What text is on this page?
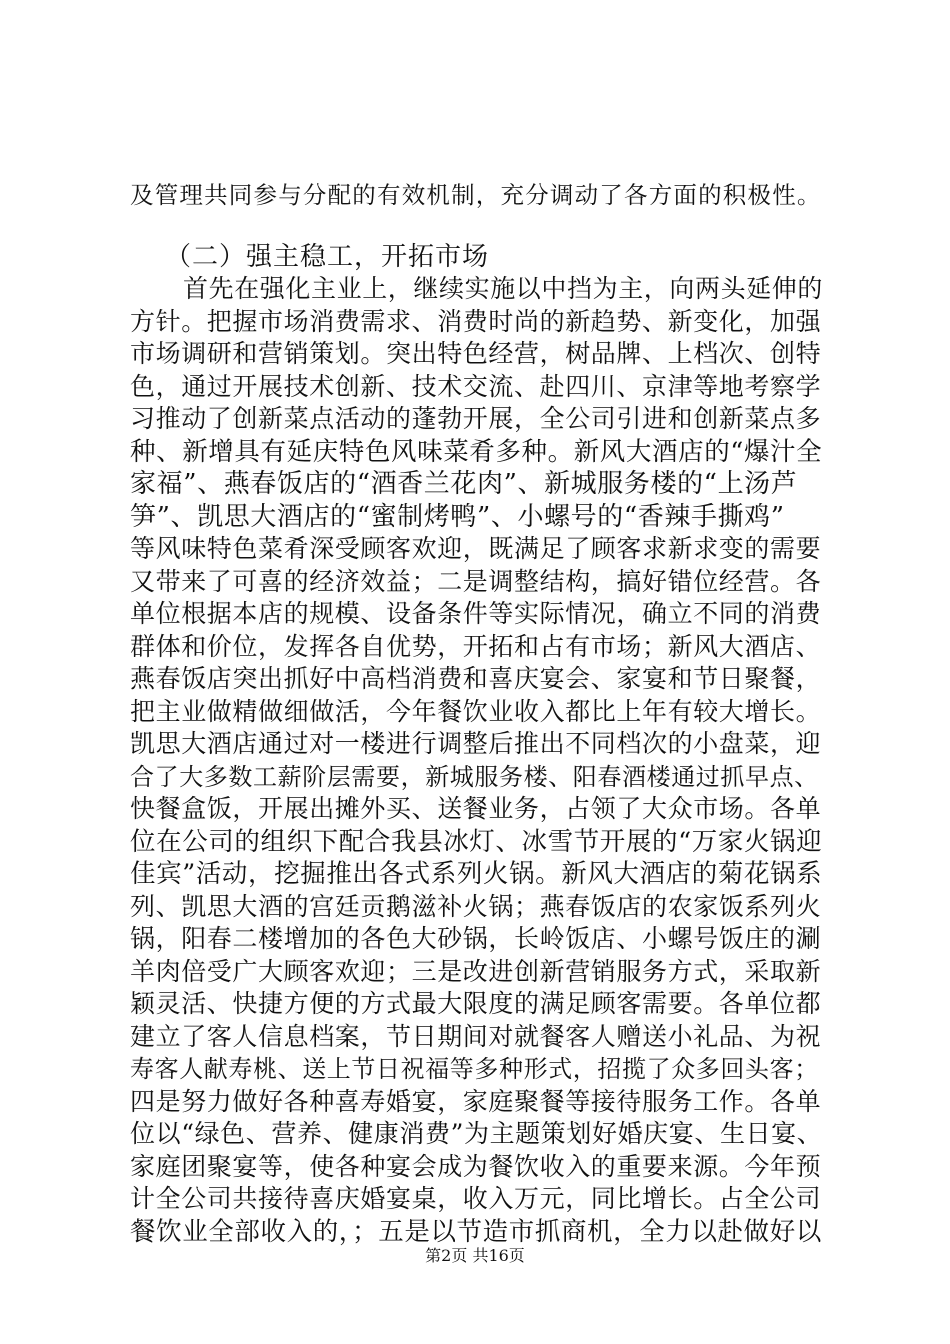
及管理共同参与分配的有效机制，充分调动了各方面的积极性。
（二）强主稳工，开拓市场
首先在强化主业上，继续实施以中挡为主，向两头延伸的
方针。把握市场消费需求、消费时尚的新趋势、新变化，加强
市场调研和营销策划。突出特色经营，树品牌、上档次、创特
色，通过开展技术创新、技术交流、赴四川、京津等地考察学
习推动了创新菜点活动的蓬勃开展，全公司引进和创新菜点多
种、新增具有延庆特色风味菜肴多种。新风大酒店的“爆汁全
家福”、燕春饭店的“酒香兰花肉”、新城服务楼的“上汤芦
笋”、凯思大酒店的“蜜制烤鸭”、小螺号的“香辣手撕鸡”
等风味特色菜肴深受顾客欢迎，既满足了顾客求新求变的需要
又带来了可喜的经济效益；二是调整结构，搞好错位经营。各
单位根据本店的规模、设备条件等实际情况，确立不同的消费
群体和价位，发挥各自优势，开拓和占有市场；新风大酒店、
燕春饭店突出抓好中高档消费和喜庆宴会、家宴和节日聚餐，
把主业做精做细做活，今年餐饮业收入都比上年有较大增长。
凯思大酒店通过对一楼进行调整后推出不同档次的小盘菜，迎
合了大多数工薪阶层需要，新城服务楼、阳春酒楼通过抓早点、
快餐盒饭，开展出摊外买、送餐业务，占领了大众市场。各单
位在公司的组织下配合我县冰灯、冰雪节开展的“万家火锅迎
佳宾”活动，挖掘推出各式系列火锅。新风大酒店的菊花锅系
列、凯思大酒的宫廷贡鹅滋补火锅；燕春饭店的农家饭系列火
锅，阳春二楼增加的各色大砂锅，长岭饭店、小螺号饭庄的涮
羊肉倍受广大顾客欢迎；三是改进创新营销服务方式，采取新
颖灵活、快捷方便的方式最大限度的满足顾客需要。各单位都
建立了客人信息档案，节日期间对就餐客人赠送小礼品、为祝
寿客人献寿桃、送上节日祝福等多种形式，招揽了众多回头客；
四是努力做好各种喜寿婚宴，家庭聚餐等接待服务工作。各单
位以“绿色、营养、健康消费”为主题策划好婚庆宴、生日宴、
家庭团聚宴等，使各种宴会成为餐饮收入的重要来源。今年预
计全公司共接待喜庆婚宴桌，收入万元，同比增长。占全公司
餐饮业全部收入的，；五是以节造市抓商机，全力以赴做好以
第2页 共16页
